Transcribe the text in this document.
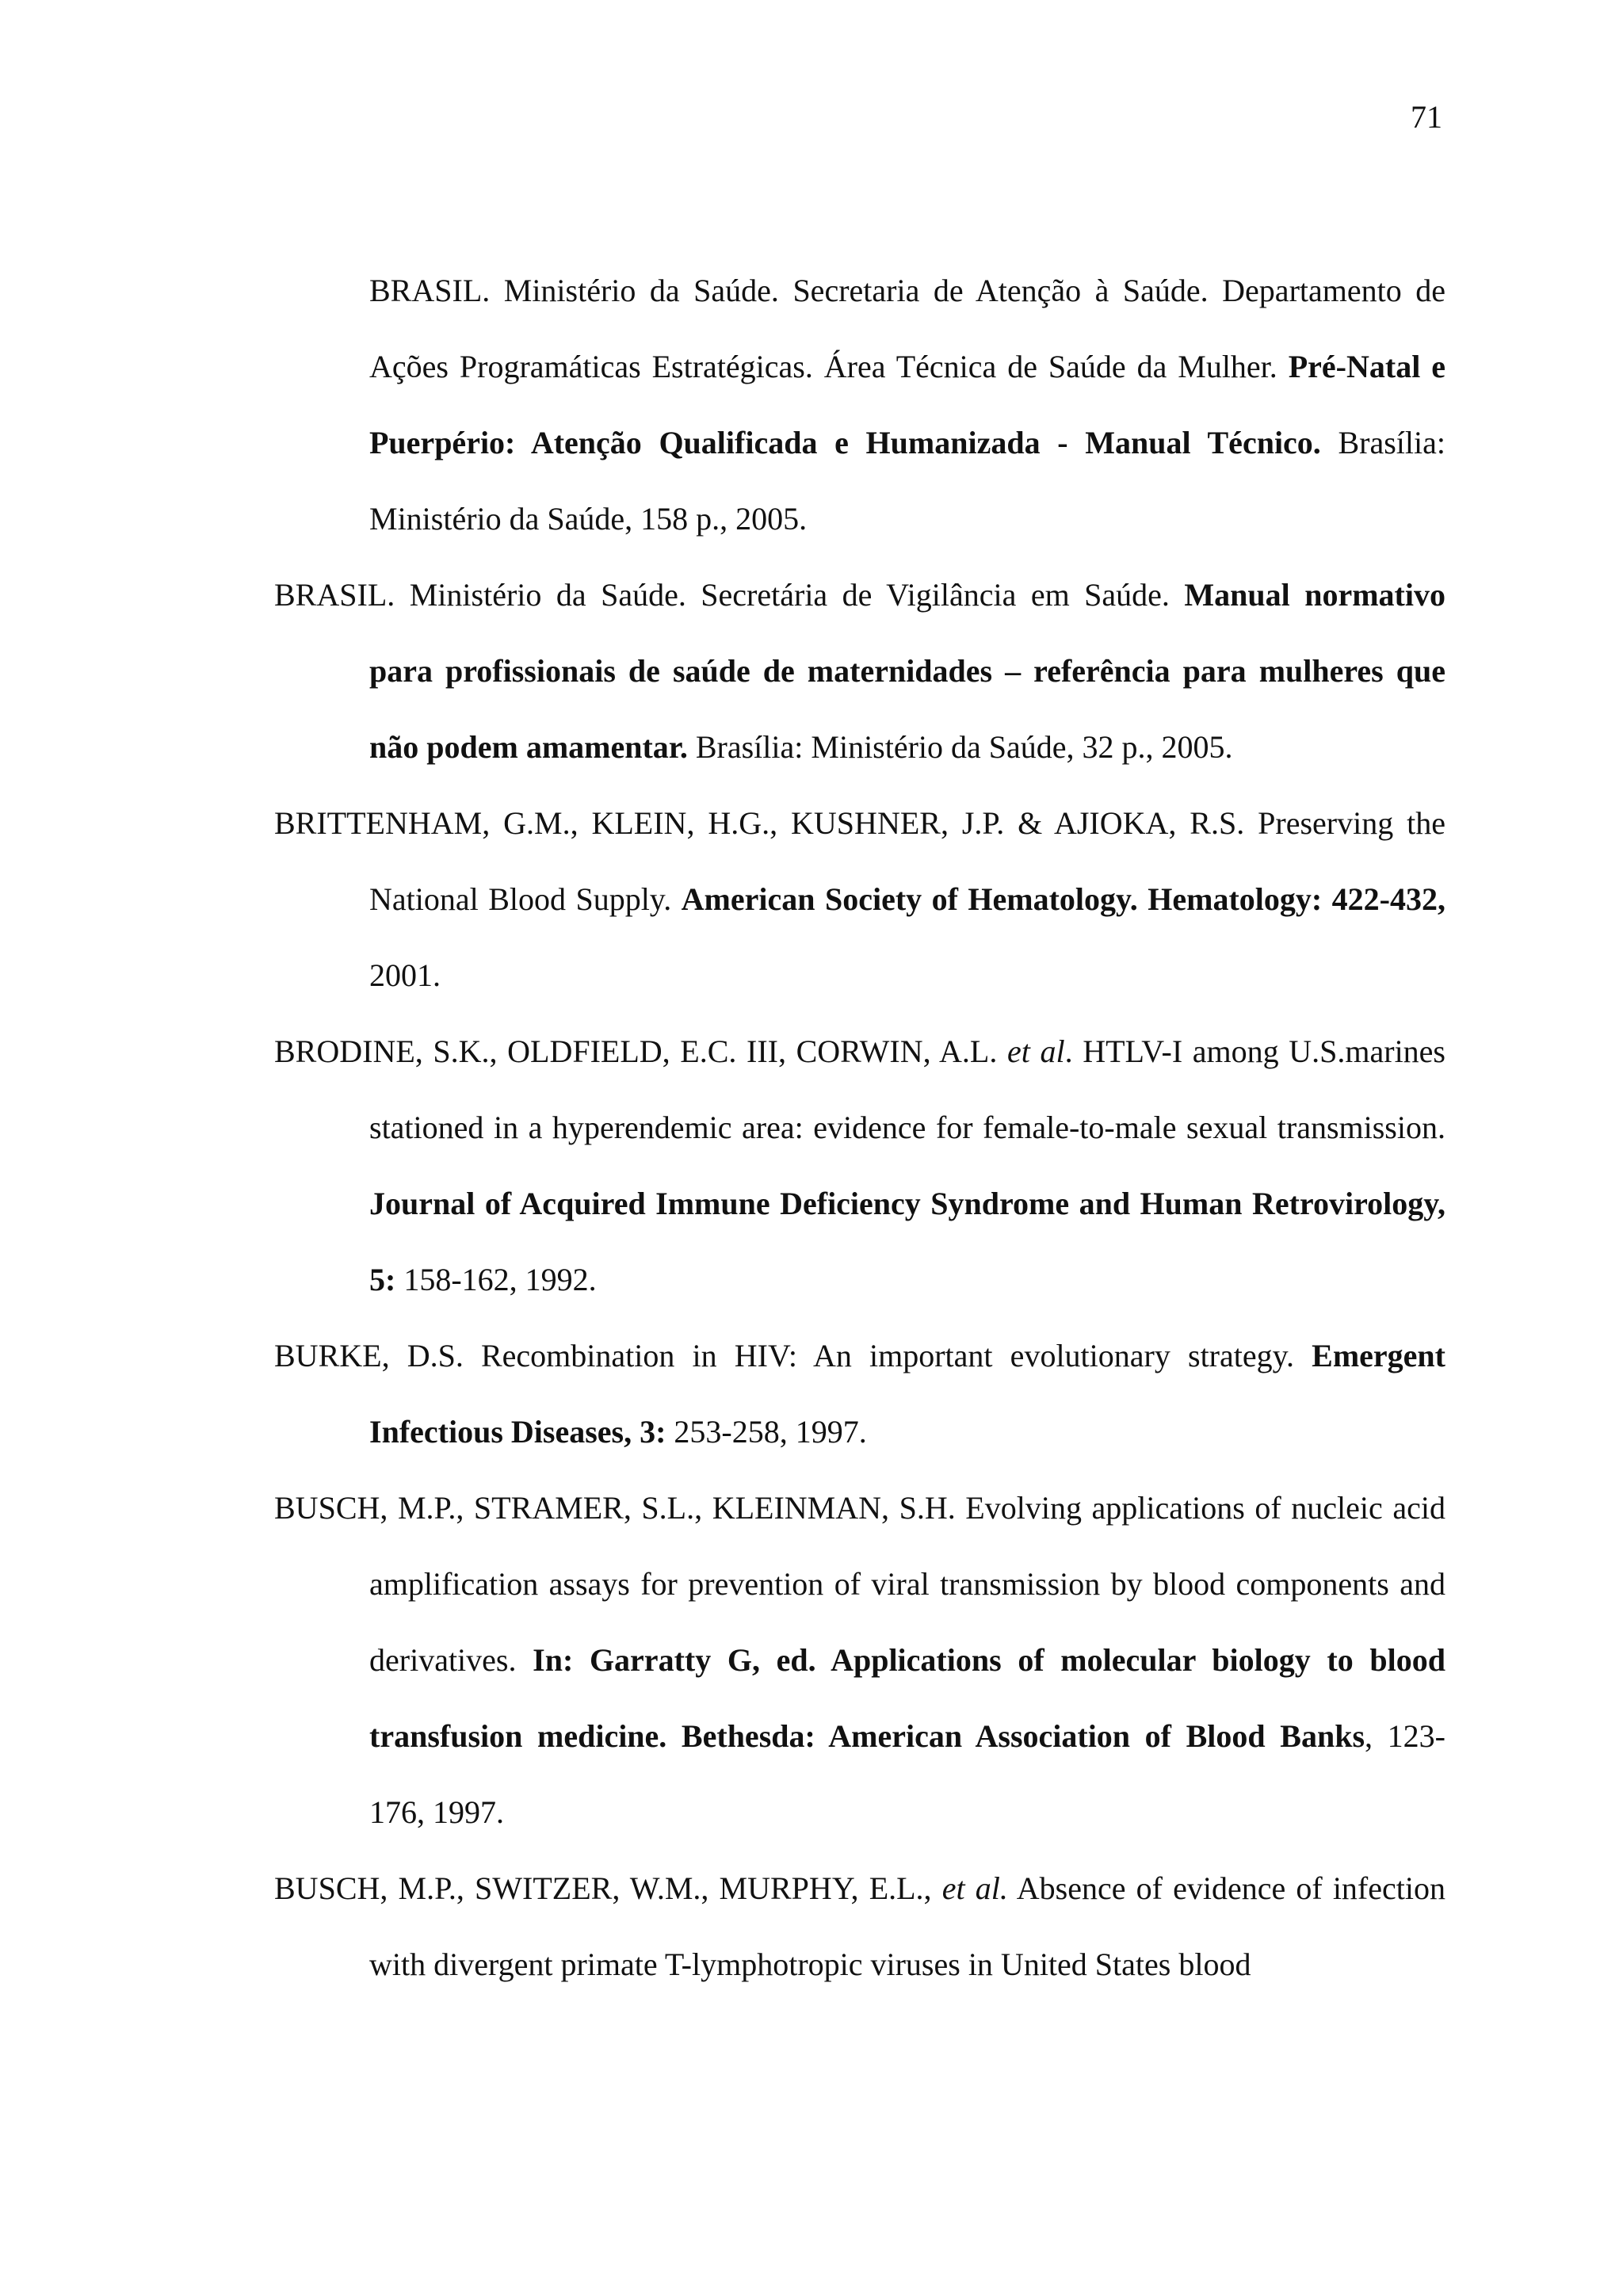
71

BRASIL. Ministério da Saúde. Secretaria de Atenção à Saúde. Departamento de Ações Programáticas Estratégicas. Área Técnica de Saúde da Mulher. Pré-Natal e Puerpério: Atenção Qualificada e Humanizada - Manual Técnico. Brasília: Ministério da Saúde, 158 p., 2005.

BRASIL. Ministério da Saúde. Secretária de Vigilância em Saúde. Manual normativo para profissionais de saúde de maternidades – referência para mulheres que não podem amamentar. Brasília: Ministério da Saúde, 32 p., 2005.

BRITTENHAM, G.M., KLEIN, H.G., KUSHNER, J.P. & AJIOKA, R.S. Preserving the National Blood Supply. American Society of Hematology. Hematology: 422-432, 2001.

BRODINE, S.K., OLDFIELD, E.C. III, CORWIN, A.L. et al. HTLV-I among U.S.marines stationed in a hyperendemic area: evidence for female-to-male sexual transmission. Journal of Acquired Immune Deficiency Syndrome and Human Retrovirology, 5: 158-162, 1992.

BURKE, D.S. Recombination in HIV: An important evolutionary strategy. Emergent Infectious Diseases, 3: 253-258, 1997.

BUSCH, M.P., STRAMER, S.L., KLEINMAN, S.H. Evolving applications of nucleic acid amplification assays for prevention of viral transmission by blood components and derivatives. In: Garratty G, ed. Applications of molecular biology to blood transfusion medicine. Bethesda: American Association of Blood Banks, 123-176, 1997.

BUSCH, M.P., SWITZER, W.M., MURPHY, E.L., et al. Absence of evidence of infection with divergent primate T-lymphotropic viruses in United States blood
